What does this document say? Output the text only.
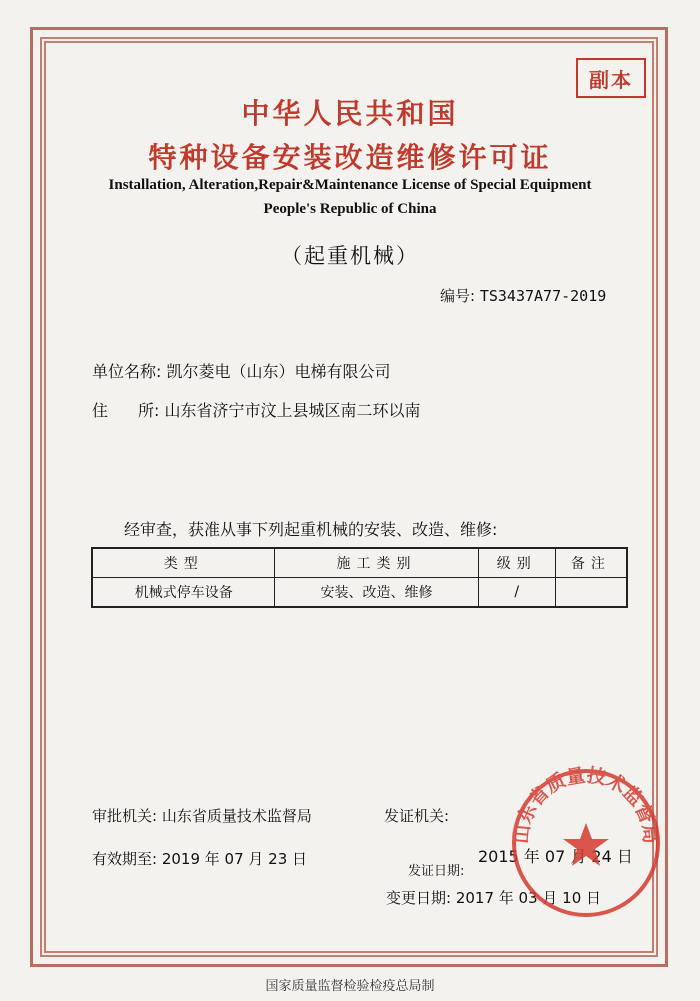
副本
中华人民共和国
特种设备安装改造维修许可证
Installation, Alteration,Repair&Maintenance License of Special Equipment
People's Republic of China
（起重机械）
编号: TS3437A77-2019
单位名称: 凯尔菱电（山东）电梯有限公司
住所: 山东省济宁市汶上县城区南二环以南
经审查，获准从事下列起重机械的安装、改造、维修:
类型	施工类别	级别	备注
机械式停车设备	安装、改造、维修	/	
审批机关: 山东省质量技术监督局	发证机关:
有效期至: 2019 年 07 月 23 日
发证日期:
2015 年 07 月 24 日
变更日期: 2017 年 03 月 10 日
山东省质量技术监督局
国家质量监督检验检疫总局制
